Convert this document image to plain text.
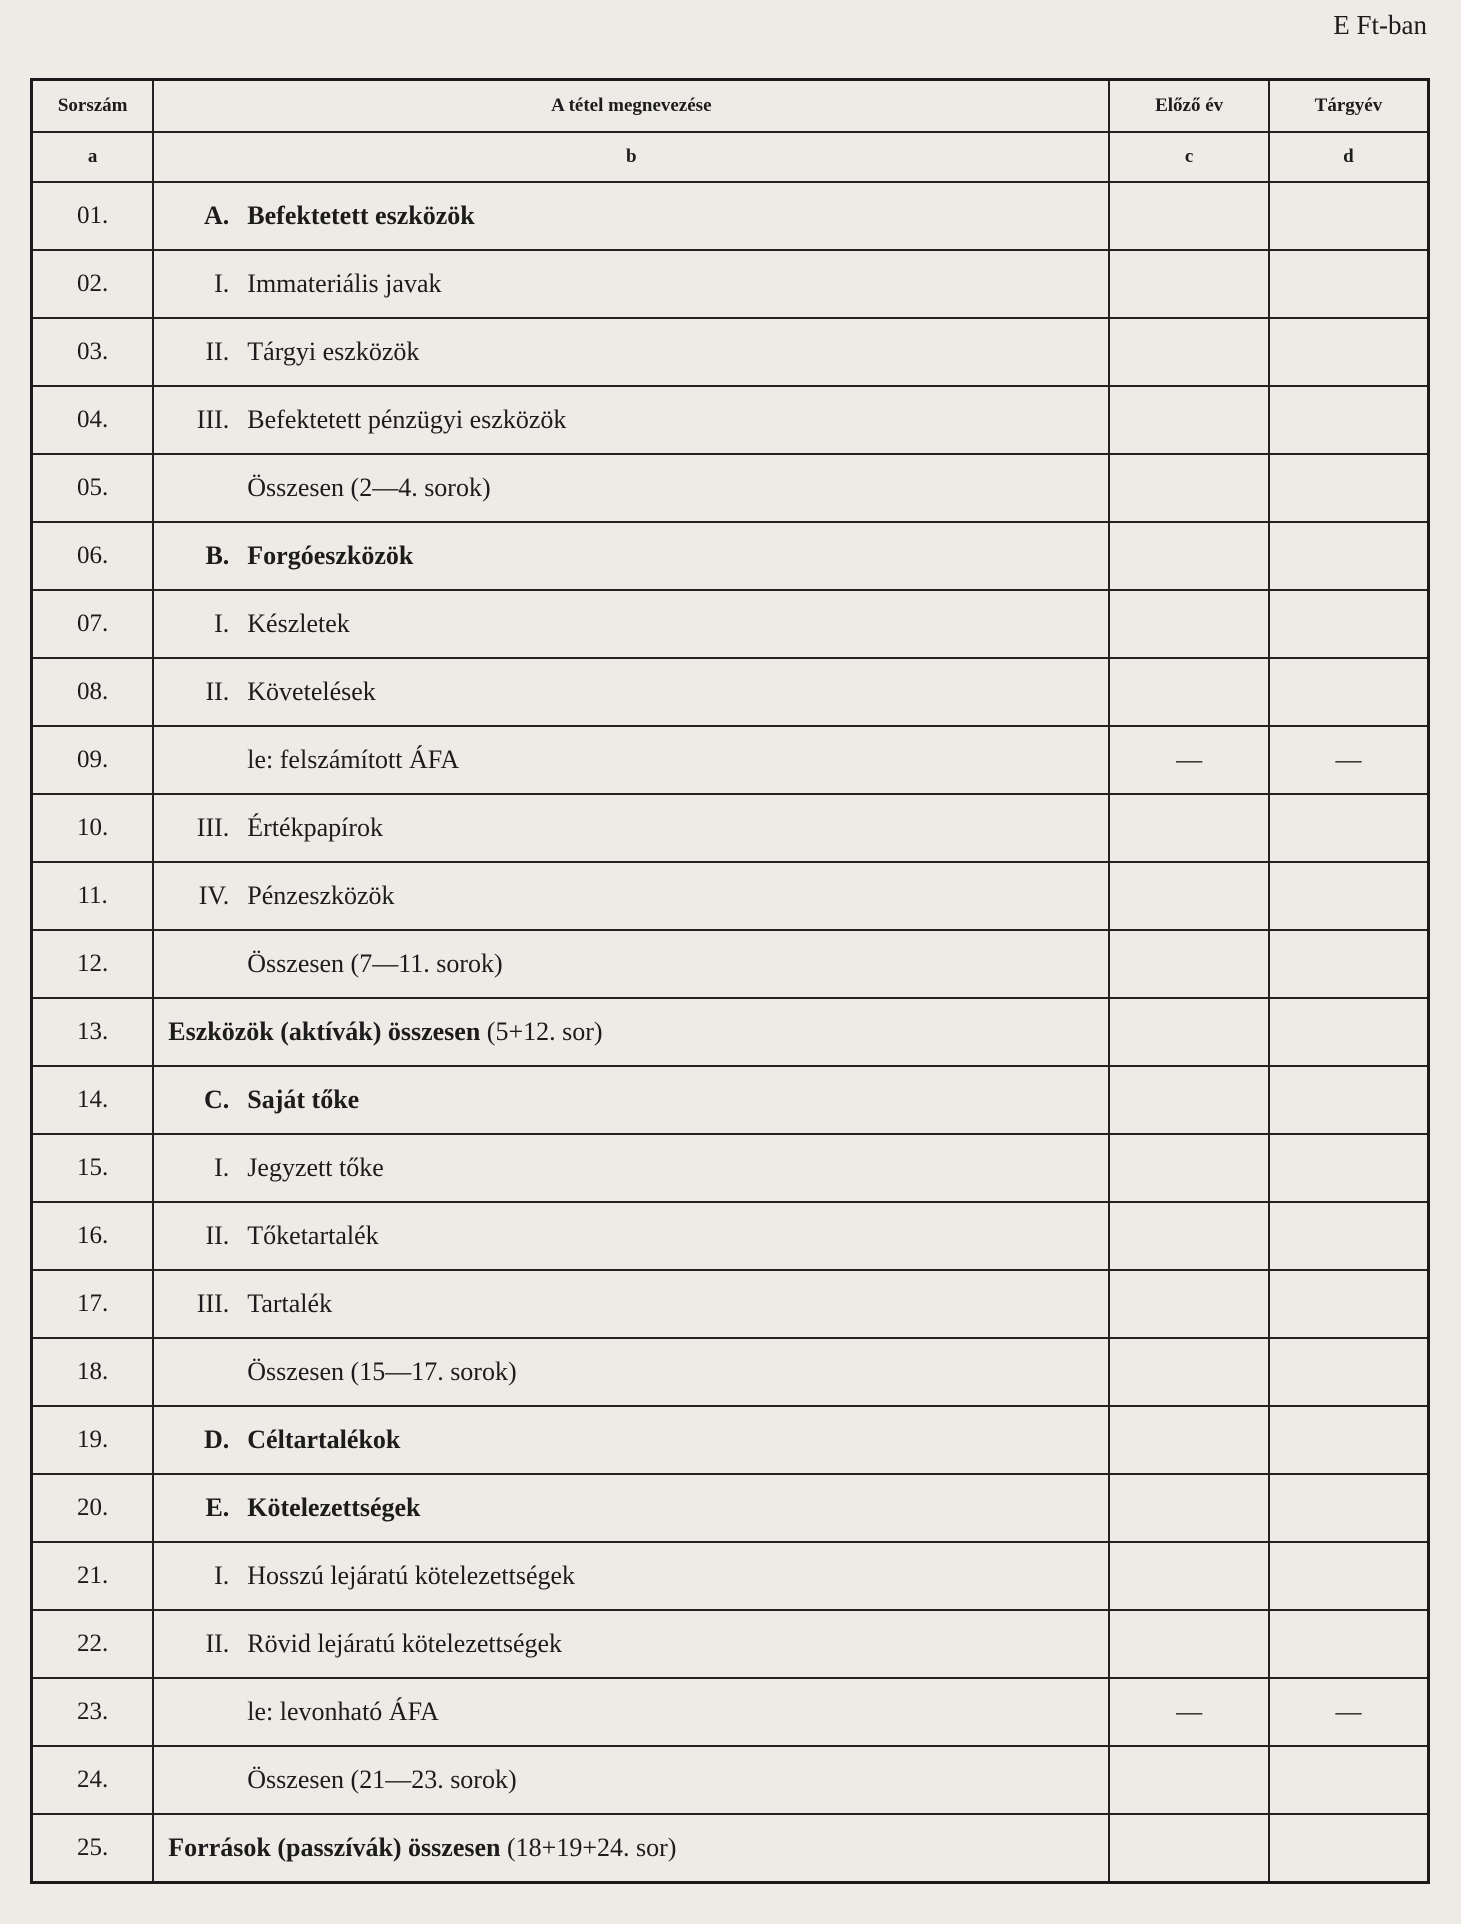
E Ft-ban
Sorszám	A tétel megnevezése	Előző év	Tárgyév
a	b	c	d
01.	A. Befektetett eszközök		
02.	I. Immateriális javak		
03.	II. Tárgyi eszközök		
04.	III. Befektetett pénzügyi eszközök		
05.	Összesen (2—4. sorok)		
06.	B. Forgóeszközök		
07.	I. Készletek		
08.	II. Követelések		
09.	le: felszámított ÁFA	—	—
10.	III. Értékpapírok		
11.	IV. Pénzeszközök		
12.	Összesen (7—11. sorok)		
13.	Eszközök (aktívák) összesen (5+12. sor)		
14.	C. Saját tőke		
15.	I. Jegyzett tőke		
16.	II. Tőketartalék		
17.	III. Tartalék		
18.	Összesen (15—17. sorok)		
19.	D. Céltartalékok		
20.	E. Kötelezettségek		
21.	I. Hosszú lejáratú kötelezettségek		
22.	II. Rövid lejáratú kötelezettségek		
23.	le: levonható ÁFA	—	—
24.	Összesen (21—23. sorok)		
25.	Források (passzívák) összesen (18+19+24. sor)		
